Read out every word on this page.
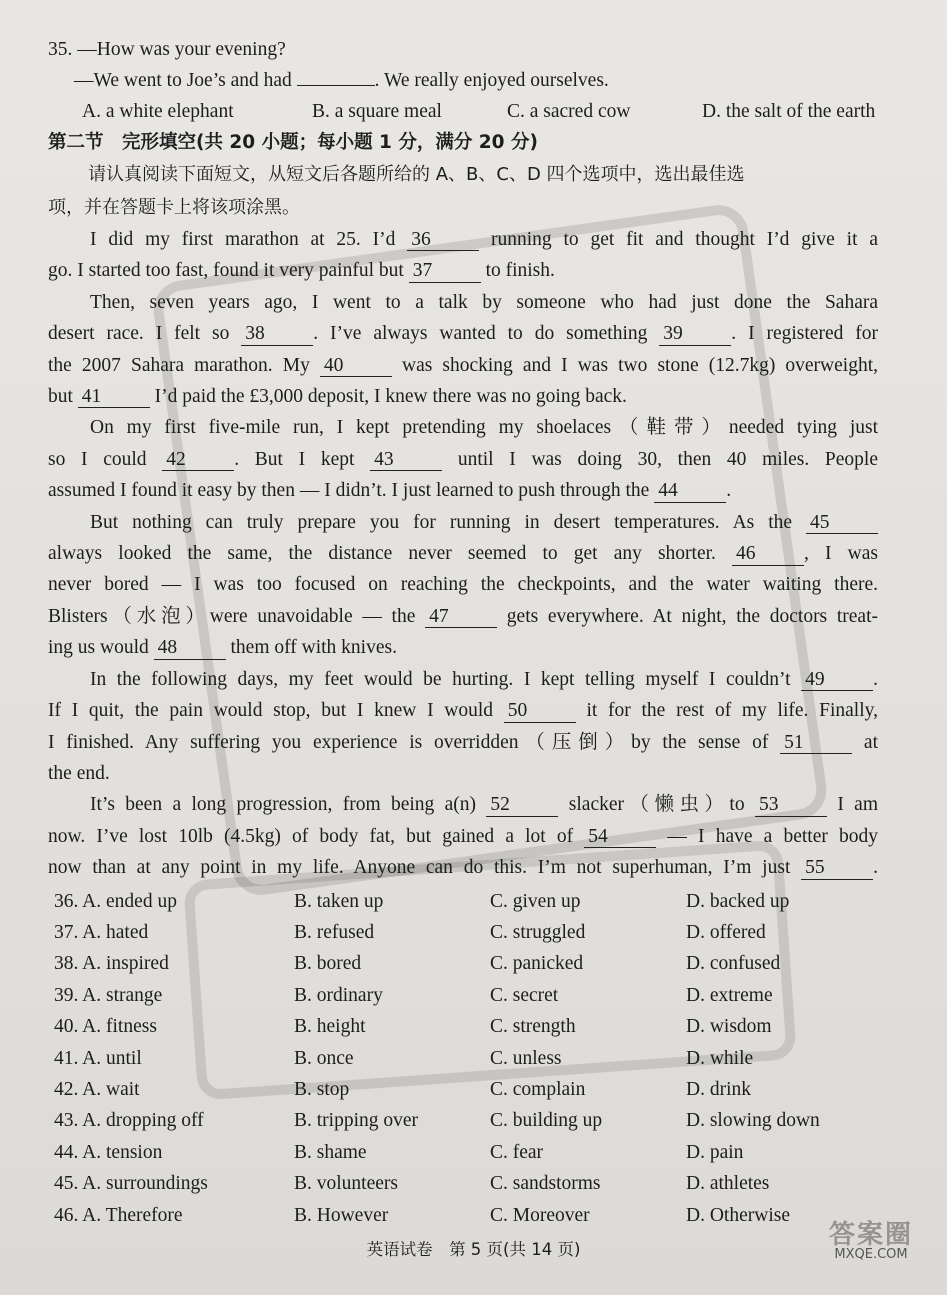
35. —How was your evening?
—We went to Joe’s and had	. We really enjoyed ourselves.
A. a white elephant	B. a square meal	C. a sacred cow	D. the salt of the earth
第二节　完形填空(共 20 小题；每小题 1 分，满分 20 分)
请认真阅读下面短文，从短文后各题所给的 A、B、C、D 四个选项中，选出最佳选
项，并在答题卡上将该项涂黑。
I did my first marathon at 25. I’d 36 running to get fit and thought I’d give it a
go. I started too fast, found it very painful but 37 to finish.
Then, seven years ago, I went to a talk by someone who had just done the Sahara
desert race. I felt so 38 . I’ve always wanted to do something 39 . I registered for
the 2007 Sahara marathon. My 40 was shocking and I was two stone (12.7kg) overweight,
but 41 I’d paid the £3,000 deposit, I knew there was no going back.
On my first five-mile run, I kept pretending my shoelaces（鞋带）needed tying just
so I could 42 . But I kept 43 until I was doing 30, then 40 miles. People
assumed I found it easy by then — I didn’t. I just learned to push through the 44 .
But nothing can truly prepare you for running in desert temperatures. As the 45
always looked the same, the distance never seemed to get any shorter. 46 , I was
never bored — I was too focused on reaching the checkpoints, and the water waiting there.
Blisters（水泡）were unavoidable — the 47 gets everywhere. At night, the doctors treat-
ing us would 48 them off with knives.
In the following days, my feet would be hurting. I kept telling myself I couldn’t 49 .
If I quit, the pain would stop, but I knew I would 50 it for the rest of my life. Finally,
I finished. Any suffering you experience is overridden（压倒）by the sense of 51 at
the end.
It’s been a long progression, from being a(n) 52 slacker（懒虫）to 53 I am
now. I’ve lost 10lb (4.5kg) of body fat, but gained a lot of 54 — I have a better body
now than at any point in my life. Anyone can do this. I’m not superhuman, I’m just 55 .
36. A. ended up	B. taken up	C. given up	D. backed up
37. A. hated	B. refused	C. struggled	D. offered
38. A. inspired	B. bored	C. panicked	D. confused
39. A. strange	B. ordinary	C. secret	D. extreme
40. A. fitness	B. height	C. strength	D. wisdom
41. A. until	B. once	C. unless	D. while
42. A. wait	B. stop	C. complain	D. drink
43. A. dropping off	B. tripping over	C. building up	D. slowing down
44. A. tension	B. shame	C. fear	D. pain
45. A. surroundings	B. volunteers	C. sandstorms	D. athletes
46. A. Therefore	B. However	C. Moreover	D. Otherwise
英语试卷　第 5 页(共 14 页)	答案圈
MXQE.COM
